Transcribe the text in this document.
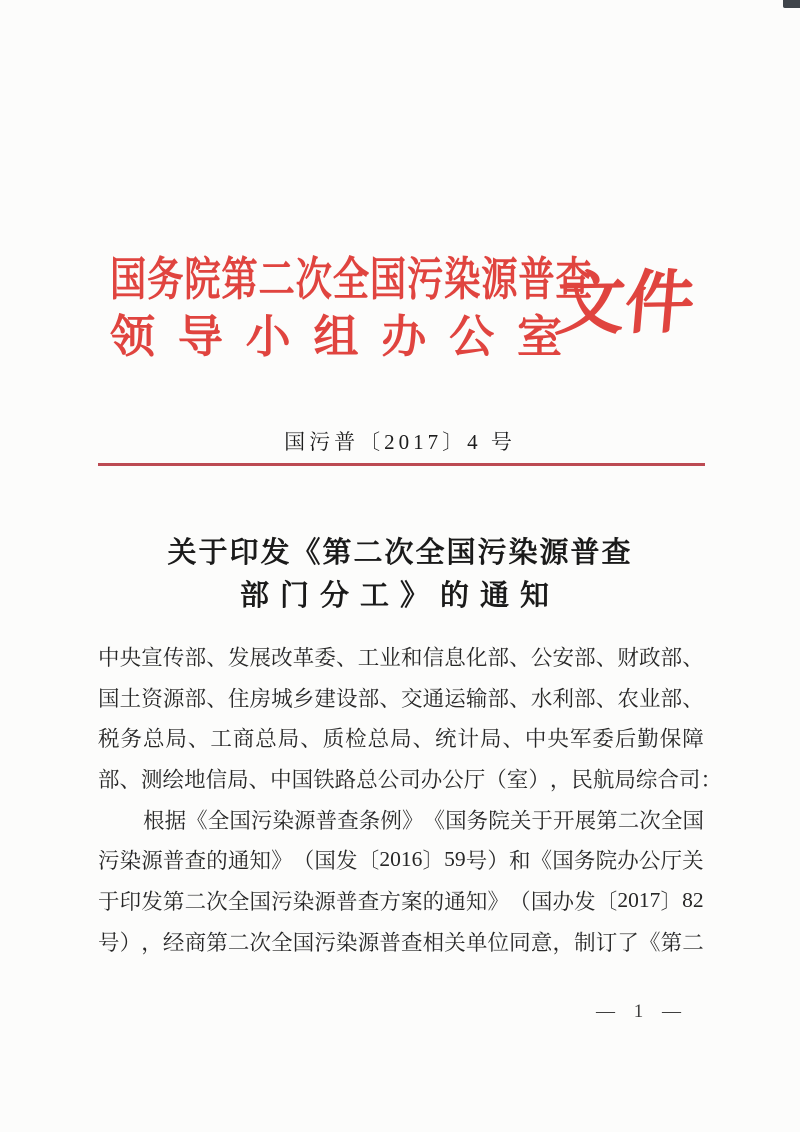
国务院第二次全国污染源普查
领 导 小 组 办 公 室
文件
国污普〔2017〕4 号
关于印发《第二次全国污染源普查
部门分工》的通知
中 央 宣 传 部 、 发 展 改 革 委 、 工 业 和 信 息 化 部 、 公 安 部 、 财 政 部 、
国 土 资 源 部 、 住 房 城 乡 建 设 部 、 交 通 运 输 部 、 水 利 部 、 农 业 部 、
税 务 总 局 、 工 商 总 局 、 质 检 总 局 、 统 计 局 、 中 央 军 委 后 勤 保 障
部 、 测 绘 地 信 局 、 中 国 铁 路 总 公 司 办 公 厅 （ 室 ） ， 民 航 局 综 合 司 ：
根 据 《 全 国 污 染 源 普 查 条 例 》 《 国 务 院 关 于 开 展 第 二 次 全 国
污 染 源 普 查 的 通 知 》 （ 国 发 〔 2016 〕 59 号 ） 和 《 国 务 院 办 公 厅 关
于 印 发 第 二 次 全 国 污 染 源 普 查 方 案 的 通 知 》 （ 国 办 发 〔 2017 〕 82
号 ） ， 经 商 第 二 次 全 国 污 染 源 普 查 相 关 单 位 同 意 ， 制 订 了 《 第 二
— 1 —
